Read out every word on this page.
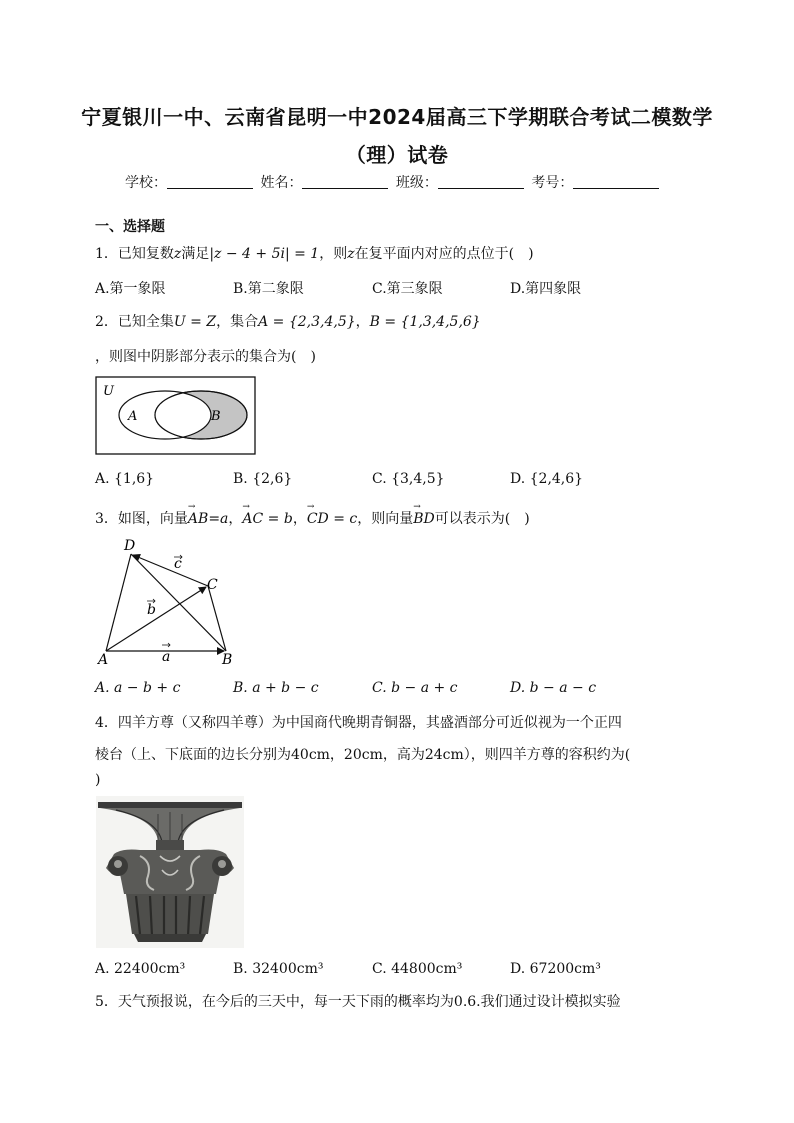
宁夏银川一中、云南省昆明一中2024届高三下学期联合考试二模数学
（理）试卷
学校：	姓名：	班级：	考号：
一、选择题
1．已知复数z满足|z − 4 + 5i| = 1，则z在复平面内对应的点位于(　)
A.第一象限	B.第二象限	C.第三象限	D.第四象限
2．已知全集U = Z，集合A = {2,3,4,5}，B = {1,3,4,5,6}
，则图中阴影部分表示的集合为(　)
U
A	B
A. {1,6}	B. {2,6}	C. {3,4,5}	D. {2,4,6}
3．如图，向量→ AB=a，→ AC = b，→ CD = c，则向量→ BD可以表示为(　)
D
C
A	B
a
b
c
A. a − b + c	B. a + b − c	C. b − a + c	D. b − a − c
4．四羊方尊（又称四羊尊）为中国商代晚期青铜器，其盛酒部分可近似视为一个正四
棱台（上、下底面的边长分别为40cm，20cm，高为24cm），则四羊方尊的容积约为(
)
A. 22400cm³	B. 32400cm³	C. 44800cm³	D. 67200cm³
5．天气预报说，在今后的三天中，每一天下雨的概率均为0.6.我们通过设计模拟实验
